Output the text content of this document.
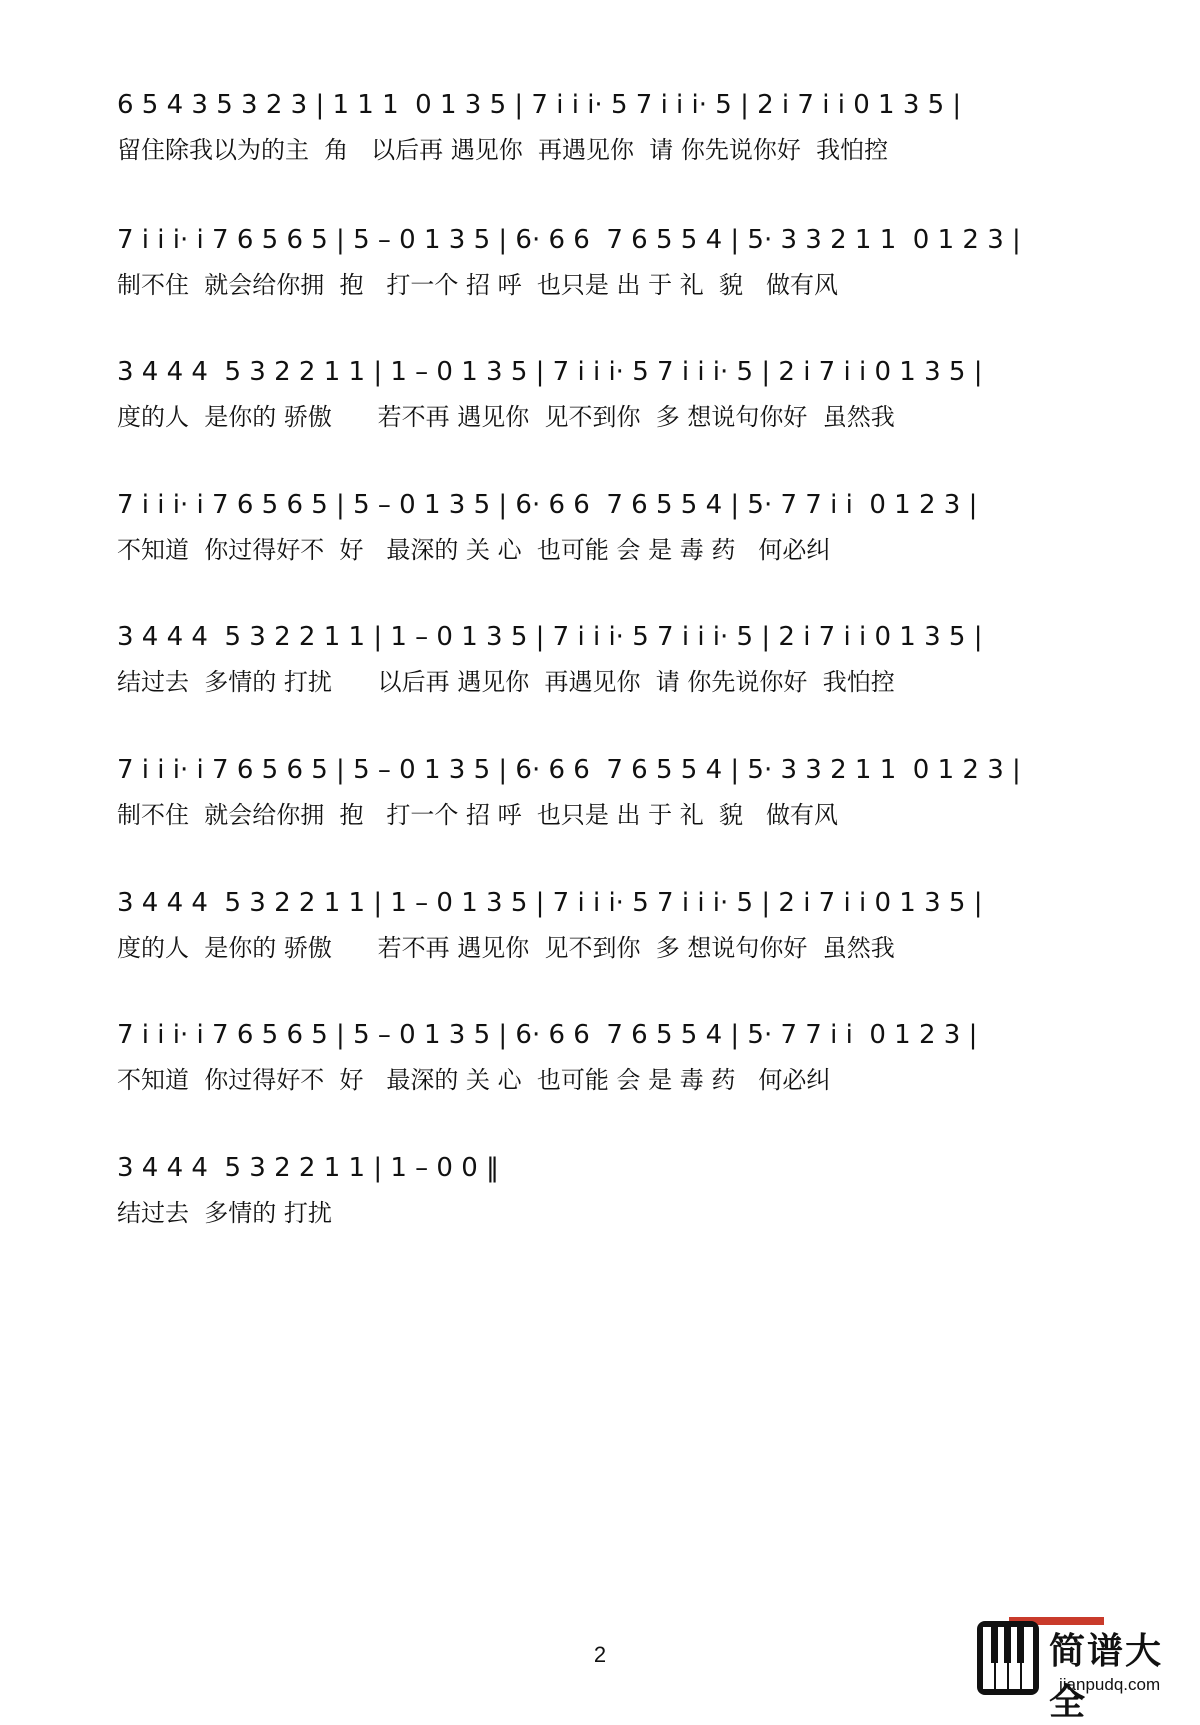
6 5 4 3 5 3 2 3 | 1 1 1  0 1 3 5 | 7 i i i· 5 7 i i i· 5 | 2 i 7 i i 0 1 3 5 |
留住除我以为的主  角   以后再 遇见你  再遇见你  请 你先说你好  我怕控
7 i i i· i 7 6 5 6 5 | 5 – 0 1 3 5 | 6· 6 6  7 6 5 5 4 | 5· 3 3 2 1 1  0 1 2 3 |
制不住  就会给你拥  抱   打一个 招 呼  也只是 出 于 礼  貌   做有风
3 4 4 4  5 3 2 2 1 1 | 1 – 0 1 3 5 | 7 i i i· 5 7 i i i· 5 | 2 i 7 i i 0 1 3 5 |
度的人  是你的 骄傲      若不再 遇见你  见不到你  多 想说句你好  虽然我
7 i i i· i 7 6 5 6 5 | 5 – 0 1 3 5 | 6· 6 6  7 6 5 5 4 | 5· 7 7 i i  0 1 2 3 |
不知道  你过得好不  好   最深的 关 心  也可能 会 是 毒 药   何必纠
3 4 4 4  5 3 2 2 1 1 | 1 – 0 1 3 5 | 7 i i i· 5 7 i i i· 5 | 2 i 7 i i 0 1 3 5 |
结过去  多情的 打扰      以后再 遇见你  再遇见你  请 你先说你好  我怕控
7 i i i· i 7 6 5 6 5 | 5 – 0 1 3 5 | 6· 6 6  7 6 5 5 4 | 5· 3 3 2 1 1  0 1 2 3 |
制不住  就会给你拥  抱   打一个 招 呼  也只是 出 于 礼  貌   做有风
3 4 4 4  5 3 2 2 1 1 | 1 – 0 1 3 5 | 7 i i i· 5 7 i i i· 5 | 2 i 7 i i 0 1 3 5 |
度的人  是你的 骄傲      若不再 遇见你  见不到你  多 想说句你好  虽然我
7 i i i· i 7 6 5 6 5 | 5 – 0 1 3 5 | 6· 6 6  7 6 5 5 4 | 5· 7 7 i i  0 1 2 3 |
不知道  你过得好不  好   最深的 关 心  也可能 会 是 毒 药   何必纠
3 4 4 4  5 3 2 2 1 1 | 1 – 0 0 ‖
结过去  多情的 打扰
2	简谱大全
jianpudq.com
